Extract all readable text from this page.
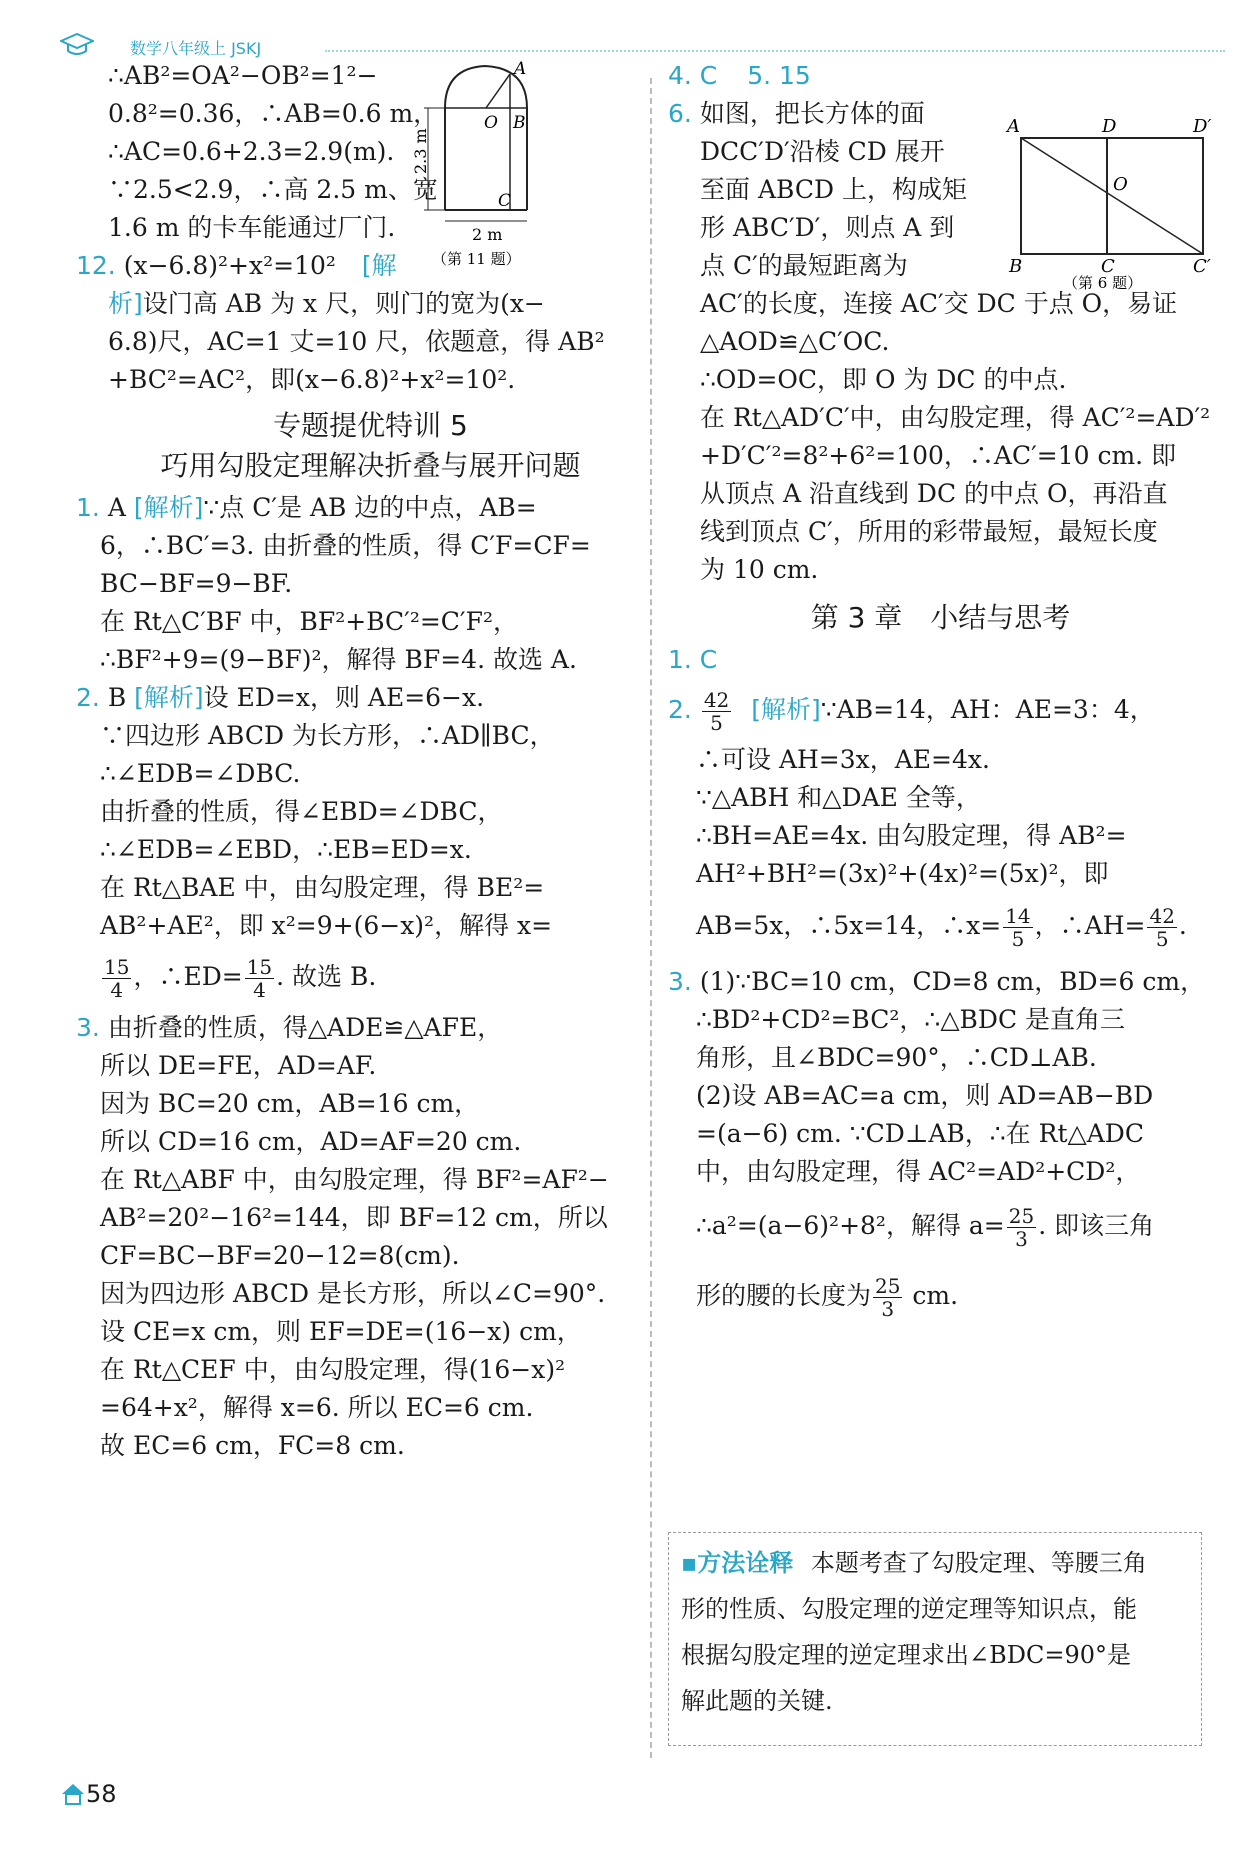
数学八年级上 JSKJ
∴AB²=OA²−OB²=1²−
0.8²=0.36，∴AB=0.6 m，
∴AC=0.6+2.3=2.9(m).
∵2.5<2.9，∴高 2.5 m、宽
1.6 m 的卡车能通过厂门.
A
O B
C
2.3 m
2 m
（第 11 题）
12. (x−6.8)²+x²=10² [解
析]设门高 AB 为 x 尺，则门的宽为(x−
6.8)尺，AC=1 丈=10 尺，依题意，得 AB²
+BC²=AC²，即(x−6.8)²+x²=10².
专题提优特训 5
巧用勾股定理解决折叠与展开问题
1. A [解析]∵点 C′是 AB 边的中点，AB=
6，∴BC′=3. 由折叠的性质，得 C′F=CF=
BC−BF=9−BF.
在 Rt△C′BF 中，BF²+BC′²=C′F²，
∴BF²+9=(9−BF)²，解得 BF=4. 故选 A.
2. B [解析]设 ED=x，则 AE=6−x.
∵四边形 ABCD 为长方形，∴AD∥BC，
∴∠EDB=∠DBC.
由折叠的性质，得∠EBD=∠DBC，
∴∠EDB=∠EBD，∴EB=ED=x.
在 Rt△BAE 中，由勾股定理，得 BE²=
AB²+AE²，即 x²=9+(6−x)²，解得 x=
$\frac{15}{4}$ ，∴ED= $\frac{15}{4}$ . 故选 B.
3. 由折叠的性质，得△ADE≌△AFE，
所以 DE=FE，AD=AF.
因为 BC=20 cm，AB=16 cm，
所以 CD=16 cm，AD=AF=20 cm.
在 Rt△ABF 中，由勾股定理，得 BF²=AF²−
AB²=20²−16²=144，即 BF=12 cm，所以
CF=BC−BF=20−12=8(cm).
因为四边形 ABCD 是长方形，所以∠C=90°.
设 CE=x cm，则 EF=DE=(16−x) cm，
在 Rt△CEF 中，由勾股定理，得(16−x)²
=64+x²，解得 x=6. 所以 EC=6 cm.
故 EC=6 cm，FC=8 cm.
4. C 5. 15
6. 如图，把长方体的面
DCC′D′沿棱 CD 展开
至面 ABCD 上，构成矩
形 ABC′D′，则点 A 到
点 C′的最短距离为
A	D	D′
O
B	C	C′
（第 6 题）
AC′的长度，连接 AC′交 DC 于点 O，易证
△AOD≌△C′OC.
∴OD=OC，即 O 为 DC 的中点.
在 Rt△AD′C′中，由勾股定理，得 AC′²=AD′²
+D′C′²=8²+6²=100，∴AC′=10 cm. 即
从顶点 A 沿直线到 DC 的中点 O，再沿直
线到顶点 C′，所用的彩带最短，最短长度
为 10 cm.
第 3 章　小结与思考
1. C
2. $\frac{42}{5}$ [解析]∵AB=14，AH：AE=3：4，
∴可设 AH=3x，AE=4x.
∵△ABH 和△DAE 全等，
∴BH=AE=4x. 由勾股定理，得 AB²=
AH²+BH²=(3x)²+(4x)²=(5x)²，即
AB=5x，∴5x=14，∴x= $\frac{14}{5}$ ，∴AH= $\frac{42}{5}$ .
3. (1)∵BC=10 cm，CD=8 cm，BD=6 cm，
∴BD²+CD²=BC²，∴△BDC 是直角三
角形，且∠BDC=90°，∴CD⊥AB.
(2)设 AB=AC=a cm，则 AD=AB−BD
=(a−6) cm. ∵CD⊥AB，∴在 Rt△ADC
中，由勾股定理，得 AC²=AD²+CD²，
∴a²=(a−6)²+8²，解得 $a= \frac{25}{3}$ . 即该三角
形的腰的长度为 $\frac{25}{3}$ cm.
▪方法诠释 本题考查了勾股定理、等腰三角
形的性质、勾股定理的逆定理等知识点，能
根据勾股定理的逆定理求出∠BDC=90°是
解此题的关键.
58
